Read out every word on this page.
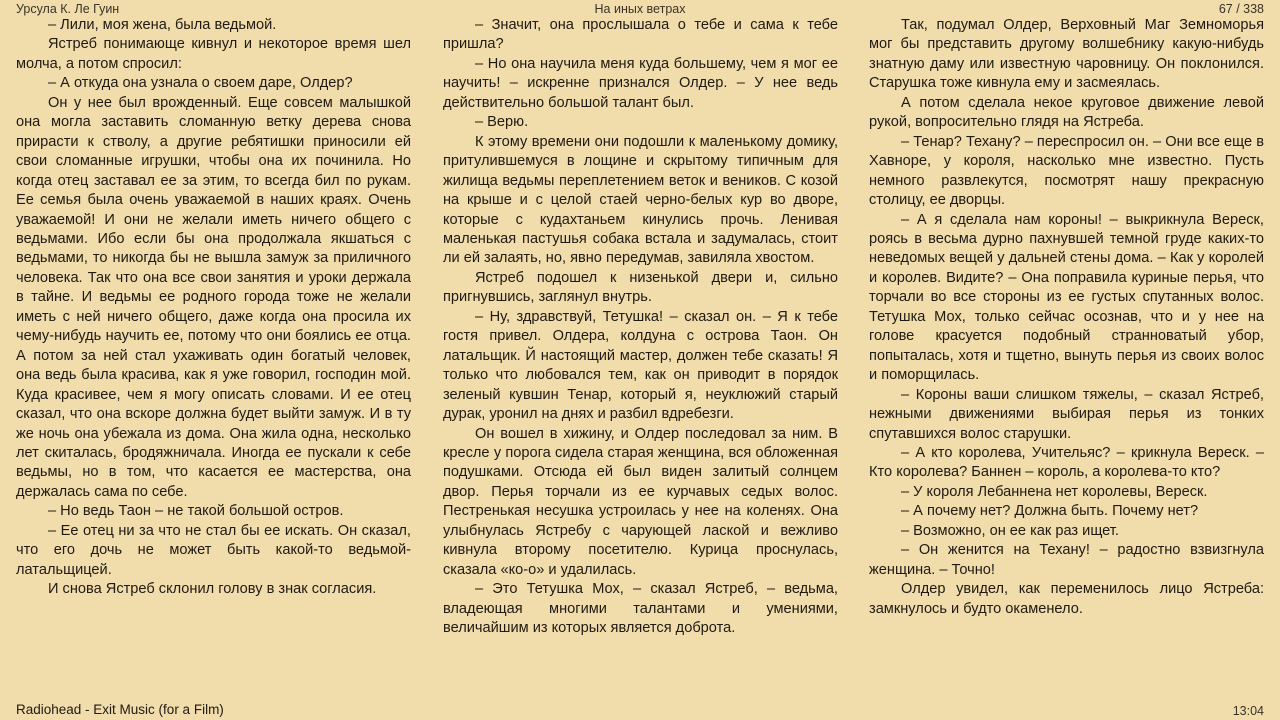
Урсула К. Ле Гуин	На иных ветрах	67 / 338

– Лили, моя жена, была ведьмой.

Ястреб понимающе кивнул и некоторое время шел молча, а потом спросил:

– А откуда она узнала о своем даре, Олдер?

Он у нее был врожденный. Еще совсем малышкой она могла заставить сломанную ветку дерева снова прирасти к стволу, а другие ребятишки приносили ей свои сломанные игрушки, чтобы она их починила. Но когда отец заставал ее за этим, то всегда бил по рукам. Ее семья была очень уважаемой в наших краях. Очень уважаемой! И они не желали иметь ничего общего с ведьмами. Ибо если бы она продолжала якшаться с ведьмами, то никогда бы не вышла замуж за приличного человека. Так что она все свои занятия и уроки держала в тайне. И ведьмы ее родного города тоже не желали иметь с ней ничего общего, даже когда она просила их чему-нибудь научить ее, потому что они боялись ее отца. А потом за ней стал ухаживать один богатый человек, она ведь была красива, как я уже говорил, господин мой. Куда красивее, чем я могу описать словами. И ее отец сказал, что она вскоре должна будет выйти замуж. И в ту же ночь она убежала из дома. Она жила одна, несколько лет скиталась, бродяжничала. Иногда ее пускали к себе ведьмы, но в том, что касается ее мастерства, она держалась сама по себе.

– Но ведь Таон – не такой большой остров.

– Ее отец ни за что не стал бы ее искать. Он сказал, что его дочь не может быть какой-то ведьмой-латальщицей.

И снова Ястреб склонил голову в знак согласия.

– Значит, она прослышала о тебе и сама к тебе пришла?

– Но она научила меня куда большему, чем я мог ее научить! – искренне признался Олдер. – У нее ведь действительно большой талант был.

– Верю.

К этому времени они подошли к маленькому домику, притулившемуся в лощине и скрытому типичным для жилища ведьмы переплетением веток и веников. С козой на крыше и с целой стаей черно-белых кур во дворе, которые с кудахтаньем кинулись прочь. Ленивая маленькая пастушья собака встала и задумалась, стоит ли ей залаять, но, явно передумав, завиляла хвостом.

Ястреб подошел к низенькой двери и, сильно пригнувшись, заглянул внутрь.

– Ну, здравствуй, Тетушка! – сказал он. – Я к тебе гостя привел. Олдера, колдуна с острова Таон. Он латальщик. Й настоящий мастер, должен тебе сказать! Я только что любовался тем, как он приводит в порядок зеленый кувшин Тенар, который я, неуклюжий старый дурак, уронил на днях и разбил вдребезги.

Он вошел в хижину, и Олдер последовал за ним. В кресле у порога сидела старая женщина, вся обложенная подушками. Отсюда ей был виден залитый солнцем двор. Перья торчали из ее курчавых седых волос. Пестренькая несушка устроилась у нее на коленях. Она улыбнулась Ястребу с чарующей лаской и вежливо кивнула второму посетителю. Курица проснулась, сказала «ко-о» и удалилась.

– Это Тетушка Мох, – сказал Ястреб, – ведьма, владеющая многими талантами и умениями, величайшим из которых является доброта.

Так, подумал Олдер, Верховный Маг Земноморья мог бы представить другому волшебнику какую-нибудь знатную даму или известную чаровницу. Он поклонился. Старушка тоже кивнула ему и засмеялась.

А потом сделала некое круговое движение левой рукой, вопросительно глядя на Ястреба.

– Тенар? Техану? – переспросил он. – Они все еще в Хавноре, у короля, насколько мне известно. Пусть немного развлекутся, посмотрят нашу прекрасную столицу, ее дворцы.

– А я сделала нам короны! – выкрикнула Вереск, роясь в весьма дурно пахнувшей темной груде каких-то неведомых вещей у дальней стены дома. – Как у королей и королев. Видите? – Она поправила куриные перья, что торчали во все стороны из ее густых спутанных волос. Тетушка Мох, только сейчас осознав, что и у нее на голове красуется подобный странноватый убор, попыталась, хотя и тщетно, вынуть перья из своих волос и поморщилась.

– Короны ваши слишком тяжелы, – сказал Ястреб, нежными движениями выбирая перья из тонких спутавшихся волос старушки.

– А кто королева, Учительяс? – крикнула Вереск. – Кто королева? Баннен – король, а королева-то кто?

– У короля Лебаннена нет королевы, Вереск.

– А почему нет? Должна быть. Почему нет?

– Возможно, он ее как раз ищет.

– Он женится на Техану! – радостно взвизгнула женщина. – Точно!

Олдер увидел, как переменилось лицо Ястреба: замкнулось и будто окаменело.

Radiohead - Exit Music (for a Film)	13:04
